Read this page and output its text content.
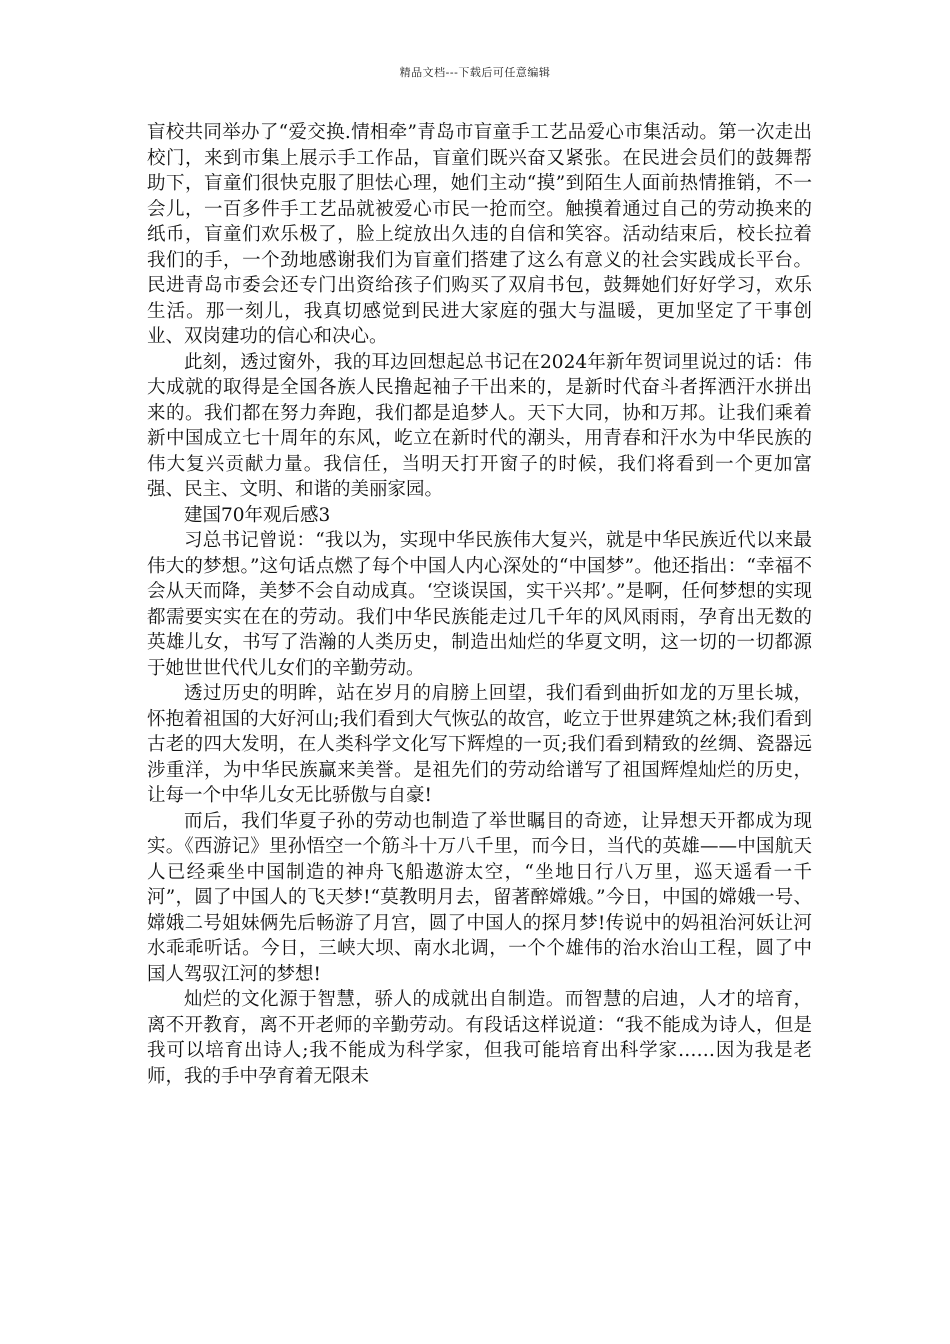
精品文档---下载后可任意编辑

盲校共同举办了“爱交换.情相牵”青岛市盲童手工艺品爱心市集活动。第一次走出校门，来到市集上展示手工作品，盲童们既兴奋又紧张。在民进会员们的鼓舞帮助下，盲童们很快克服了胆怯心理，她们主动“摸”到陌生人面前热情推销，不一会儿，一百多件手工艺品就被爱心市民一抢而空。触摸着通过自己的劳动换来的纸币，盲童们欢乐极了，脸上绽放出久违的自信和笑容。活动结束后，校长拉着我们的手，一个劲地感谢我们为盲童们搭建了这么有意义的社会实践成长平台。民进青岛市委会还专门出资给孩子们购买了双肩书包，鼓舞她们好好学习，欢乐生活。那一刻儿，我真切感觉到民进大家庭的强大与温暖，更加坚定了干事创业、双岗建功的信心和决心。

此刻，透过窗外，我的耳边回想起总书记在2024年新年贺词里说过的话：伟大成就的取得是全国各族人民撸起袖子干出来的，是新时代奋斗者挥洒汗水拼出来的。我们都在努力奔跑，我们都是追梦人。天下大同，协和万邦。让我们乘着新中国成立七十周年的东风，屹立在新时代的潮头，用青春和汗水为中华民族的伟大复兴贡献力量。我信任，当明天打开窗子的时候，我们将看到一个更加富强、民主、文明、和谐的美丽家园。

建国70年观后感3

习总书记曾说：“我以为，实现中华民族伟大复兴，就是中华民族近代以来最伟大的梦想。”这句话点燃了每个中国人内心深处的“中国梦”。他还指出：“幸福不会从天而降，美梦不会自动成真。‘空谈误国，实干兴邦’。”是啊，任何梦想的实现都需要实实在在的劳动。我们中华民族能走过几千年的风风雨雨，孕育出无数的英雄儿女，书写了浩瀚的人类历史，制造出灿烂的华夏文明，这一切的一切都源于她世世代代儿女们的辛勤劳动。

透过历史的明眸，站在岁月的肩膀上回望，我们看到曲折如龙的万里长城，怀抱着祖国的大好河山;我们看到大气恢弘的故宫，屹立于世界建筑之林;我们看到古老的四大发明，在人类科学文化写下辉煌的一页;我们看到精致的丝绸、瓷器远涉重洋，为中华民族赢来美誉。是祖先们的劳动给谱写了祖国辉煌灿烂的历史，让每一个中华儿女无比骄傲与自豪!

而后，我们华夏子孙的劳动也制造了举世瞩目的奇迹，让异想天开都成为现实。《西游记》里孙悟空一个筋斗十万八千里，而今日，当代的英雄——中国航天人已经乘坐中国制造的神舟飞船遨游太空，“坐地日行八万里，巡天遥看一千河”，圆了中国人的飞天梦!“莫教明月去，留著醉嫦娥。”今日，中国的嫦娥一号、嫦娥二号姐妹俩先后畅游了月宫，圆了中国人的探月梦!传说中的妈祖治河妖让河水乖乖听话。今日，三峡大坝、南水北调，一个个雄伟的治水治山工程，圆了中国人驾驭江河的梦想!

灿烂的文化源于智慧，骄人的成就出自制造。而智慧的启迪，人才的培育，离不开教育，离不开老师的辛勤劳动。有段话这样说道：“我不能成为诗人，但是我可以培育出诗人;我不能成为科学家，但我可能培育出科学家……因为我是老师，我的手中孕育着无限未
